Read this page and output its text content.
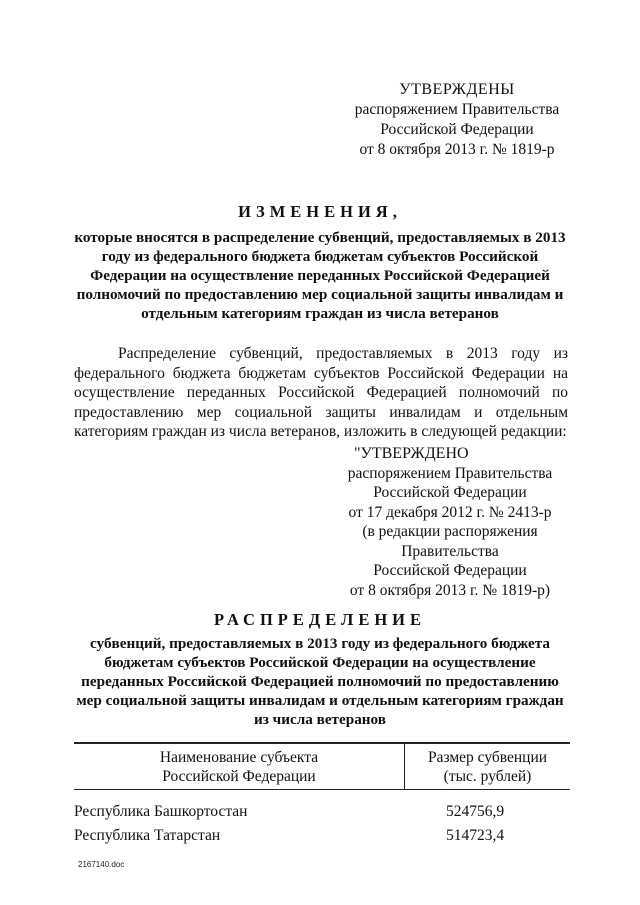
УТВЕРЖДЕНЫ
распоряжением Правительства
Российской Федерации
от 8 октября 2013 г. № 1819-р
ИЗМЕНЕНИЯ,
которые вносятся в распределение субвенций, предоставляемых в 2013 году из федерального бюджета бюджетам субъектов Российской Федерации на осуществление переданных Российской Федерацией полномочий по предоставлению мер социальной защиты инвалидам и отдельным категориям граждан из числа ветеранов
Распределение субвенций, предоставляемых в 2013 году из федерального бюджета бюджетам субъектов Российской Федерации на осуществление переданных Российской Федерацией полномочий по предоставлению мер социальной защиты инвалидам и отдельным категориям граждан из числа ветеранов, изложить в следующей редакции:
"УТВЕРЖДЕНО
распоряжением Правительства
Российской Федерации
от 17 декабря 2012 г. № 2413-р
(в редакции распоряжения
Правительства
Российской Федерации
от 8 октября 2013 г. № 1819-р)
РАСПРЕДЕЛЕНИЕ
субвенций, предоставляемых в 2013 году из федерального бюджета бюджетам субъектов Российской Федерации на осуществление переданных Российской Федерацией полномочий по предоставлению мер социальной защиты инвалидам и отдельным категориям граждан из числа ветеранов
Наименование субъекта
Российской Федерации
Размер субвенции
(тыс. рублей)
Республика Башкортостан	524756,9
Республика Татарстан	514723,4
2167140.doc
